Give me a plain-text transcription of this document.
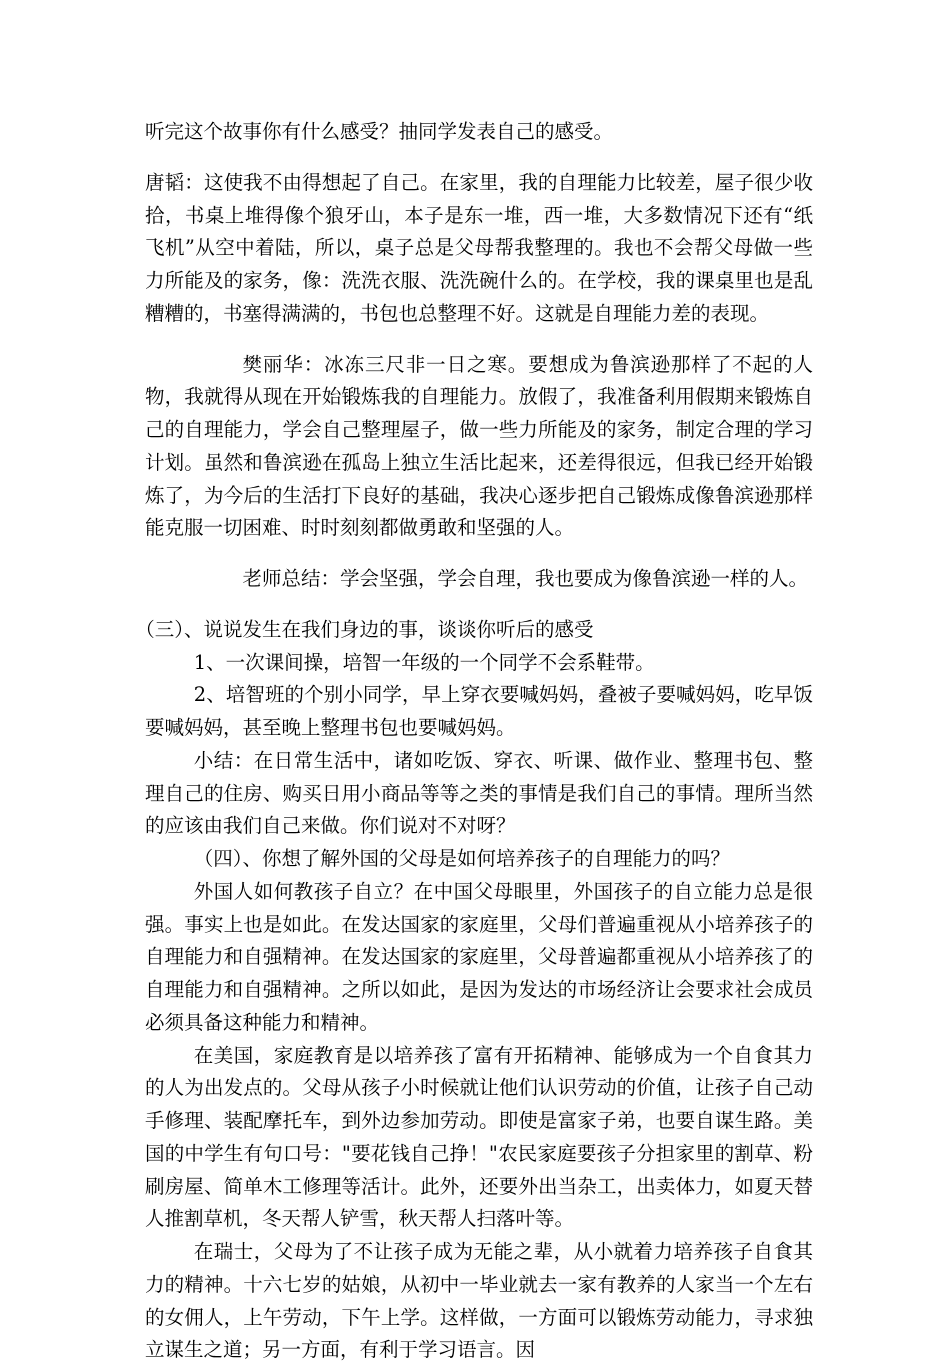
听完这个故事你有什么感受？抽同学发表自己的感受。

唐韬：这使我不由得想起了自己。在家里，我的自理能力比较差，屋子很少收拾，书桌上堆得像个狼牙山，本子是东一堆，西一堆，大多数情况下还有“纸飞机”从空中着陆，所以，桌子总是父母帮我整理的。我也不会帮父母做一些力所能及的家务，像：洗洗衣服、洗洗碗什么的。在学校，我的课桌里也是乱糟糟的，书塞得满满的，书包也总整理不好。这就是自理能力差的表现。

樊丽华：冰冻三尺非一日之寒。要想成为鲁滨逊那样了不起的人物，我就得从现在开始锻炼我的自理能力。放假了，我准备利用假期来锻炼自己的自理能力，学会自己整理屋子，做一些力所能及的家务，制定合理的学习计划。虽然和鲁滨逊在孤岛上独立生活比起来，还差得很远，但我已经开始锻炼了，为今后的生活打下良好的基础，我决心逐步把自己锻炼成像鲁滨逊那样能克服一切困难、时时刻刻都做勇敢和坚强的人。

老师总结：学会坚强，学会自理，我也要成为像鲁滨逊一样的人。

（三）、说说发生在我们身边的事，谈谈你听后的感受

1、一次课间操，培智一年级的一个同学不会系鞋带。

2、培智班的个别小同学，早上穿衣要喊妈妈，叠被子要喊妈妈，吃早饭要喊妈妈，甚至晚上整理书包也要喊妈妈。

小结：在日常生活中，诸如吃饭、穿衣、听课、做作业、整理书包、整理自己的住房、购买日用小商品等等之类的事情是我们自己的事情。理所当然的应该由我们自己来做。你们说对不对呀？

（四）、你想了解外国的父母是如何培养孩子的自理能力的吗？

外国人如何教孩子自立？在中国父母眼里，外国孩子的自立能力总是很强。事实上也是如此。在发达国家的家庭里，父母们普遍重视从小培养孩子的自理能力和自强精神。在发达国家的家庭里，父母普遍都重视从小培养孩了的自理能力和自强精神。之所以如此，是因为发达的市场经济让会要求社会成员必须具备这种能力和精神。

在美国，家庭教育是以培养孩了富有开拓精神、能够成为一个自食其力的人为出发点的。父母从孩子小时候就让他们认识劳动的价值，让孩子自己动手修理、装配摩托车，到外边参加劳动。即使是富家子弟，也要自谋生路。美国的中学生有句口号："要花钱自己挣！"农民家庭要孩子分担家里的割草、粉刷房屋、简单木工修理等活计。此外，还要外出当杂工，出卖体力，如夏天替人推割草机，冬天帮人铲雪，秋天帮人扫落叶等。

在瑞士，父母为了不让孩子成为无能之辈，从小就着力培养孩子自食其力的精神。十六七岁的姑娘，从初中一毕业就去一家有教养的人家当一个左右的女佣人，上午劳动，下午上学。这样做，一方面可以锻炼劳动能力，寻求独立谋生之道；另一方面，有利于学习语言。因
